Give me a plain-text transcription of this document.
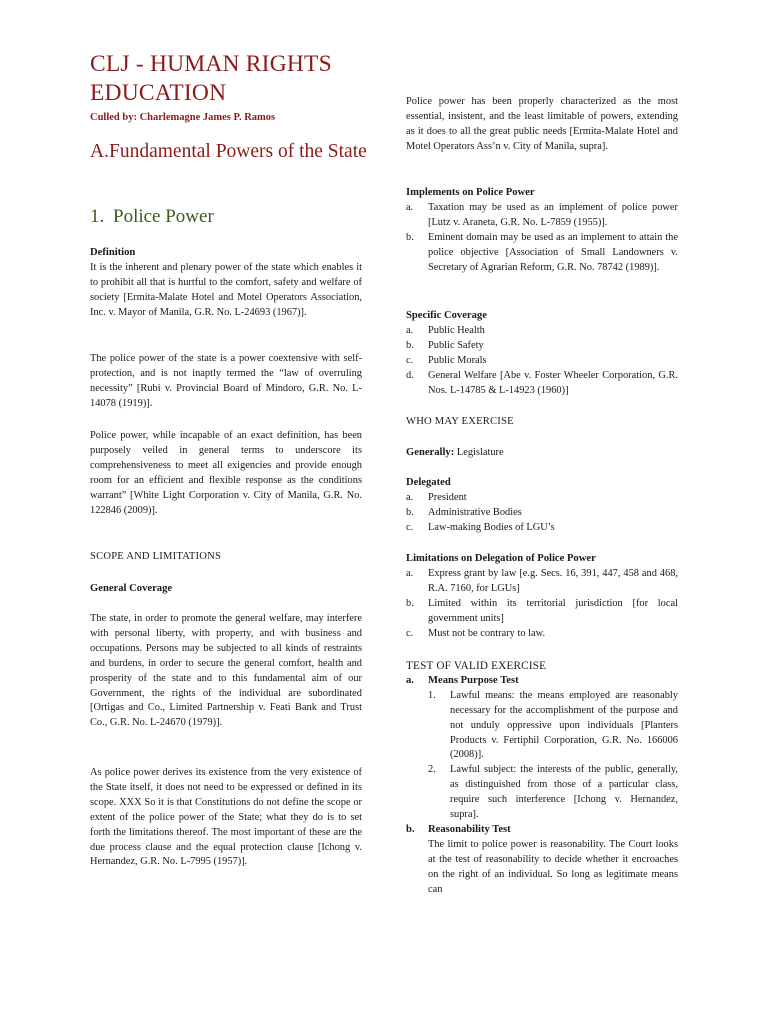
CLJ - HUMAN RIGHTS EDUCATION
Culled by: Charlemagne James P. Ramos
A.Fundamental Powers of the State
1. Police Power

Definition

It is the inherent and plenary power of the state which enables it to prohibit all that is hurtful to the comfort, safety and welfare of society [Ermita-Malate Hotel and Motel Operators Association, Inc. v. Mayor of Manila, G.R. No. L-24693 (1967)].

The police power of the state is a power coextensive with self-protection, and is not inaptly termed the “law of overruling necessity” [Rubi v. Provincial Board of Mindoro, G.R. No. L-14078 (1919)].
Police power, while incapable of an exact definition, has been purposely veiled in general terms to underscore its comprehensiveness to meet all exigencies and provide enough room for an efficient and flexible response as the conditions warrant” [White Light Corporation v. City of Manila, G.R. No. 122846 (2009)].
SCOPE AND LIMITATIONS
General Coverage
The state, in order to promote the general welfare, may interfere with personal liberty, with property, and with business and occupations. Persons may be subjected to all kinds of restraints and burdens, in order to secure the general comfort, health and prosperity of the state and to this fundamental aim of our Government, the rights of the individual are subordinated [Ortigas and Co., Limited Partnership v. Feati Bank and Trust Co., G.R. No. L-24670 (1979)].
As police power derives its existence from the very existence of the State itself, it does not need to be expressed or defined in its scope. XXX So it is that Constitutions do not define the scope or extent of the police power of the State; what they do is to set forth the limitations thereof. The most important of these are the due process clause and the equal protection clause [Ichong v. Hernandez, G.R. No. L-7995 (1957)].
Police power has been properly characterized as the most essential, insistent, and the least limitable of powers, extending as it does to all the great public needs [Ermita-Malate Hotel and Motel Operators Ass’n v. City of Manila, supra].

Implements on Police Power

a. Taxation may be used as an implement of police power [Lutz v. Araneta, G.R. No. L-7859 (1955)].
b. Eminent domain may be used as an implement to attain the police objective [Association of Small Landowners v. Secretary of Agrarian Reform, G.R. No. 78742 (1989)].

Specific Coverage

a. Public Health
b. Public Safety
c. Public Morals
d. General Welfare [Abe v. Foster Wheeler Corporation, G.R. Nos. L-14785 & L-14923 (1960)]
WHO MAY EXERCISE
Generally: Legislature

Delegated

a. President
b. Administrative Bodies
c. Law-making Bodies of LGU’s

Limitations on Delegation of Police Power

a. Express grant by law [e.g. Secs. 16, 391, 447, 458 and 468, R.A. 7160, for LGUs]
b. Limited within its territorial jurisdiction [for local government units]
c. Must not be contrary to law.

TEST OF VALID EXERCISE

a. Means Purpose Test
1. Lawful means: the means employed are reasonably necessary for the accomplishment of the purpose and not unduly oppressive upon individuals [Planters Products v. Fertiphil Corporation, G.R. No. 166006 (2008)].
2. Lawful subject: the interests of the public, generally, as distinguished from those of a particular class, require such interference [Ichong v. Hernandez, supra].
b. Reasonability Test
The limit to police power is reasonability. The Court looks at the test of reasonability to decide whether it encroaches on the right of an individual. So long as legitimate means can
